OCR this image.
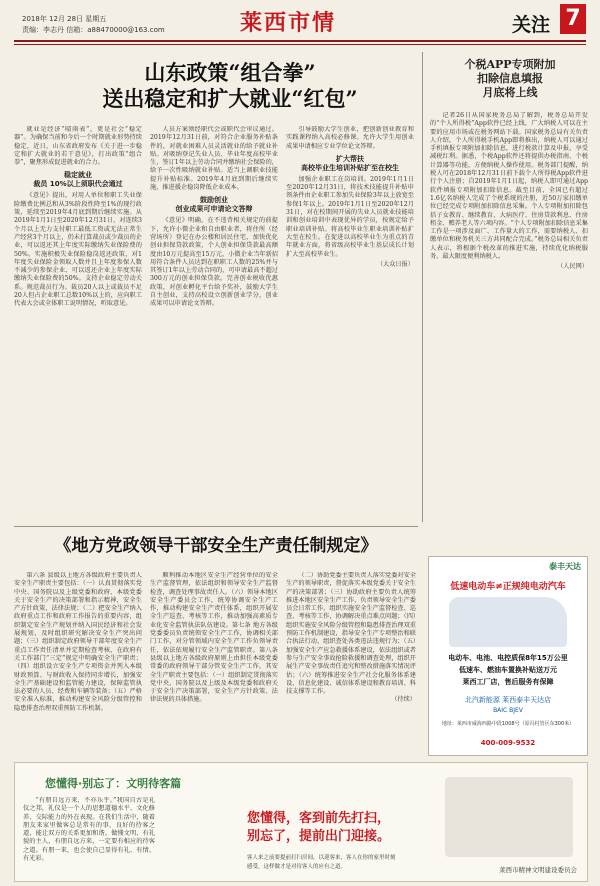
2018年 12月 28日 星期五
责编：李志丹 信箱：a88470000@163.com	莱西市情	关注 7
山东政策“组合拳”
送出稳定和扩大就业“红包”

就业是经济“晴雨表”，更是社会“稳定器”。为确保当前和今后一个时期就业形势持续稳定，近日，山东省政府发布《关于进一步稳定和扩大就业的若干意见》，打出政策“组合拳”，聚焦形成促进就业的合力。

稳定就业
裁员 10%以上须职代会通过

《意见》提出，对用人单位和职工失业保险缴费比例总和从3%阶段性降至1%的现行政策，延续至2019年4月底到期后继续实施。从2019年1月1日至2020年12月31日，对连续3个月以上无力支付职工最低工资或无法正常生产经营3个月以上，仍未打算裁员或少裁员的企业，可以返还其上年度实际缴纳失业保险费的50%。实施积极失业保险稳岗返还政策，对1年度失业保险金领取人数并且上年度参保人数不减少的参保企业，可以返还企业上年度实际缴纳失业保险费的50%。支持企业稳定劳动关系。规范裁员行为。裁员20人以上或裁员不足20人但占企业职工总数10%以上的，应向职工代表大会或全体职工说明情况，听取意见。

人员方案须经职代会或职代会审议通过。2019年12月31日前，对符合企业服务补贴条件的，对就业困难人员灵活就业的给予就业补贴。对吸纳登记失业人员、毕业年度高校毕业生，签订1年以上劳动合同并缴纳社会保险的，给予一次性吸纳就业补贴。适当上调职业技能提升补贴标准。2019年4月底到期后继续实施，推进援企稳岗降低企业成本。

鼓励创业
创业成果可申请论文答辩

《意见》明确，在不违背相关规定的前提下，允许小微企业和自由职业者，将住所（经营场所）登记在办公楼和居民住宅，加快优化创业担保贷款政策，个人创业担保贷款最高额度由10万元提高至15万元，小微企业当年新招用符合条件人员达到在职职工人数的25%并与其签订1年以上劳动合同的，可申请最高不超过300万元的创业担保贷款。完善创业税收优惠政策，对创业孵化平台给予奖补，鼓励大学生自主创业，支持高校设立创新创业学分，创业成果可以申请论文答辩。

引导鼓励大学生创业，把创新创业教育和实践课程纳入高校必修课。允许大学生用创业成果申请相应专业学位论文答辩。

扩大帮扶
高校毕业生培训补贴扩至在校生

加强企业职工在岗培训。2019年1月1日至2020年12月31日，将技术技能提升补贴申领条件由企业职工参加失业保险3年以上放宽至参保1年以上。2019年1月1日至2020年12月31日，对在校期间开展的失业人员就业技能培训和创业培训中表现优异的学员，按规定给予职业培训补贴。将高校毕业生职业培训补贴扩大至在校生。在促进以高校毕业生为重点的青年就业方面，将省级高校毕业生基层成长计划扩大至高校毕业生。

（大众日报）
个税APP专项附加
扣除信息填报
月底将上线

记者26日从国家税务总局了解到，税务总局开发的“个人所得税”App软件已经上线，广大纳税人可以在主要的应用市场或在税务网站下载。国家税务总局有关负责人介绍，个人所得税手机App即将推出，纳税人可以通过手机填报专项附加扣除信息，进行税款计算及申报，享受减税红利。据悉，个税App软件还将提供办税指南、个税计算器等功能，方便纳税人操作使用。税务部门提醒，纳税人可在2018年12月31日前下载个人所得税App软件进行个人注册；自2019年1月1日起，纳税人即可通过App软件填报专项附加扣除信息。截至目前，全国已有超过1.6亿名纳税人完成了个税系统的注册，近50万家扣缴单位已经完成专项附加扣除信息采集。个人专项附加扣除包括子女教育、继续教育、大病医疗、住房贷款利息、住房租金、赡养老人等六项内容。“个人专项附加扣除信息采集工作是一项涉及面广、工作量大的工作，需要纳税人、扣缴单位和税务机关三方共同配合完成。”税务总局相关负责人表示，将根据个税改革的推进实施，持续优化纳税服务，最大限度便利纳税人。

（人民网）
《地方党政领导干部安全生产责任制规定》

第六条 县级以上地方各级政府主要负责人安全生产职责主要包括：（一）认真贯彻落实党中央、国务院以及上级党委和政府、本级党委关于安全生产的决策部署和指示精神，安全生产方针政策、法律法规；（二）把安全生产纳入政府重点工作和政府工作报告的重要内容，组织制定安全生产规划并纳入国民经济和社会发展规划，及时组织研究解决安全生产突出问题；（三）组织制定政府领导干部年度安全生产重点工作责任清单并定期检查考核，在政府有关工作部门“三定”规定中明确安全生产职责；（四）组织设立安全生产专项资金并列入本级财政预算、与财政收入保持同步增长，加强安全生产基础建设和监管能力建设，保障监管执法必要的人员、经费和车辆等装备；（五）严格安全准入标准，推动构建安全风险分级管控和隐患排查治理双重预防工作机制。

顺利推动本地区安全生产经营单位的安全生产监督管理，依法组织和领导安全生产监督检查，调查处理事故责任人。（六）领导本地区安全生产委员会工作，统筹协调安全生产工作，推动构建安全生产责任体系，组织开展安全生产巡查、考核等工作，推动加强高素质专业化安全监管执法队伍建设。第七条 地方各级党委委员负责统领安全生产工作，协调相关部门工作，对分管领域内安全生产工作负领导责任，依法依规履行安全生产监管职责。第八条 县级以上地方各级政府原则上由担任本级党委常委的政府领导干部分管安全生产工作，其安全生产职责主要包括：（一）组织制定贯彻落实党中央、国务院以及上级及本级党委和政府关于安全生产决策部署，安全生产方针政策、法律法规的具体措施。

（二）协助党委主要负责人落实党委对安全生产的领导职责，督促落实本级党委关于安全生产的决策部署；（三）协助政府主要负责人统筹推进本地区安全生产工作，负责领导安全生产委员会日常工作，组织实施安全生产监督检查、巡查、考核等工作，协调解决重点难点问题；（四）组织实施安全风险分级管控和隐患排查治理双重预防工作机制建设，指导安全生产专项整治和联合执法行动，组织查处各类违法违规行为；（五）加强安全生产应急救援体系建设，依法组织或者参与生产安全事故抢险救援和调查处理，组织开展生产安全事故责任追究和整改措施落实情况评估；（六）统筹推进安全生产社会化服务体系建设、信息化建设、诚信体系建设和教育培训、科技支撑等工作。

（待续）
泰丰天达
低速电动车≠正规纯电动汽车
电动车、电池、电控质保8年15万公里
低速车、燃油车置换补贴送万元
莱西工厂店，售后服务有保障
北汽新能源 莱西泰丰天达店
BAIC BJEV
地址：莱西市威海西路中段1008号（原冯村管区东300米）
400-009-9532
您懂得·别忘了：文明待客篇
“有朋自远方来，不亦乐乎。”我国自古是礼仪之邦，礼仪是一个人的思想道德水平、文化修养、交际能力的外在表现。在我们生活中，随着朋友来家里做客总是常有的事，良好的待客之道，能让双方的关系更加和谐。做懂文明、有礼貌的主人，有朋自远方来，一定要有相应的待客之道。有朋一来，也会使自己显得有礼、有情、有光彩。
您懂得，客到前先打扫，
别忘了，提前出门迎接。
客人来之前要提前打扫房间，以迎客来，客人在你的家里时刻
感受，这样做才是对待客人的应有之道。	莱西市精神文明建设委员会
